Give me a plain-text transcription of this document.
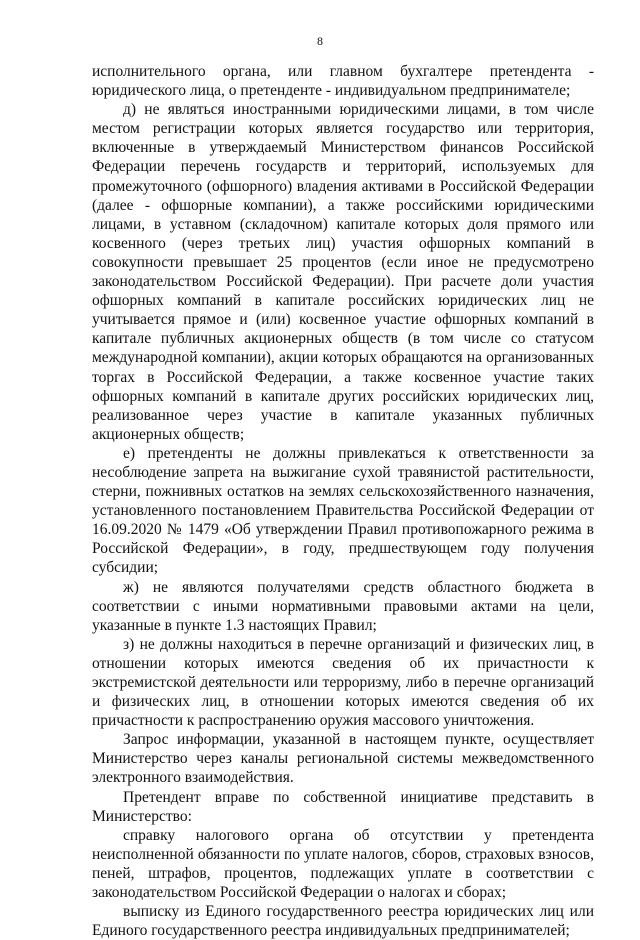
8

исполнительного органа, или главном бухгалтере претендента - юридического лица, о претенденте - индивидуальном предпринимателе;

д) не являться иностранными юридическими лицами, в том числе местом регистрации которых является государство или территория, включенные в утверждаемый Министерством финансов Российской Федерации перечень государств и территорий, используемых для промежуточного (офшорного) владения активами в Российской Федерации (далее - офшорные компании), а также российскими юридическими лицами, в уставном (складочном) капитале которых доля прямого или косвенного (через третьих лиц) участия офшорных компаний в совокупности превышает 25 процентов (если иное не предусмотрено законодательством Российской Федерации). При расчете доли участия офшорных компаний в капитале российских юридических лиц не учитывается прямое и (или) косвенное участие офшорных компаний в капитале публичных акционерных обществ (в том числе со статусом международной компании), акции которых обращаются на организованных торгах в Российской Федерации, а также косвенное участие таких офшорных компаний в капитале других российских юридических лиц, реализованное через участие в капитале указанных публичных акционерных обществ;

е) претенденты не должны привлекаться к ответственности за несоблюдение запрета на выжигание сухой травянистой растительности, стерни, пожнивных остатков на землях сельскохозяйственного назначения, установленного постановлением Правительства Российской Федерации от 16.09.2020 № 1479 «Об утверждении Правил противопожарного режима в Российской Федерации», в году, предшествующем году получения субсидии;

ж) не являются получателями средств областного бюджета в соответствии с иными нормативными правовыми актами на цели, указанные в пункте 1.3 настоящих Правил;

з) не должны находиться в перечне организаций и физических лиц, в отношении которых имеются сведения об их причастности к экстремистской деятельности или терроризму, либо в перечне организаций и физических лиц, в отношении которых имеются сведения об их причастности к распространению оружия массового уничтожения.

Запрос информации, указанной в настоящем пункте, осуществляет Министерство через каналы региональной системы межведомственного электронного взаимодействия.

Претендент вправе по собственной инициативе представить в Министерство:

справку налогового органа об отсутствии у претендента неисполненной обязанности по уплате налогов, сборов, страховых взносов, пеней, штрафов, процентов, подлежащих уплате в соответствии с законодательством Российской Федерации о налогах и сборах;

выписку из Единого государственного реестра юридических лиц или Единого государственного реестра индивидуальных предпринимателей;
